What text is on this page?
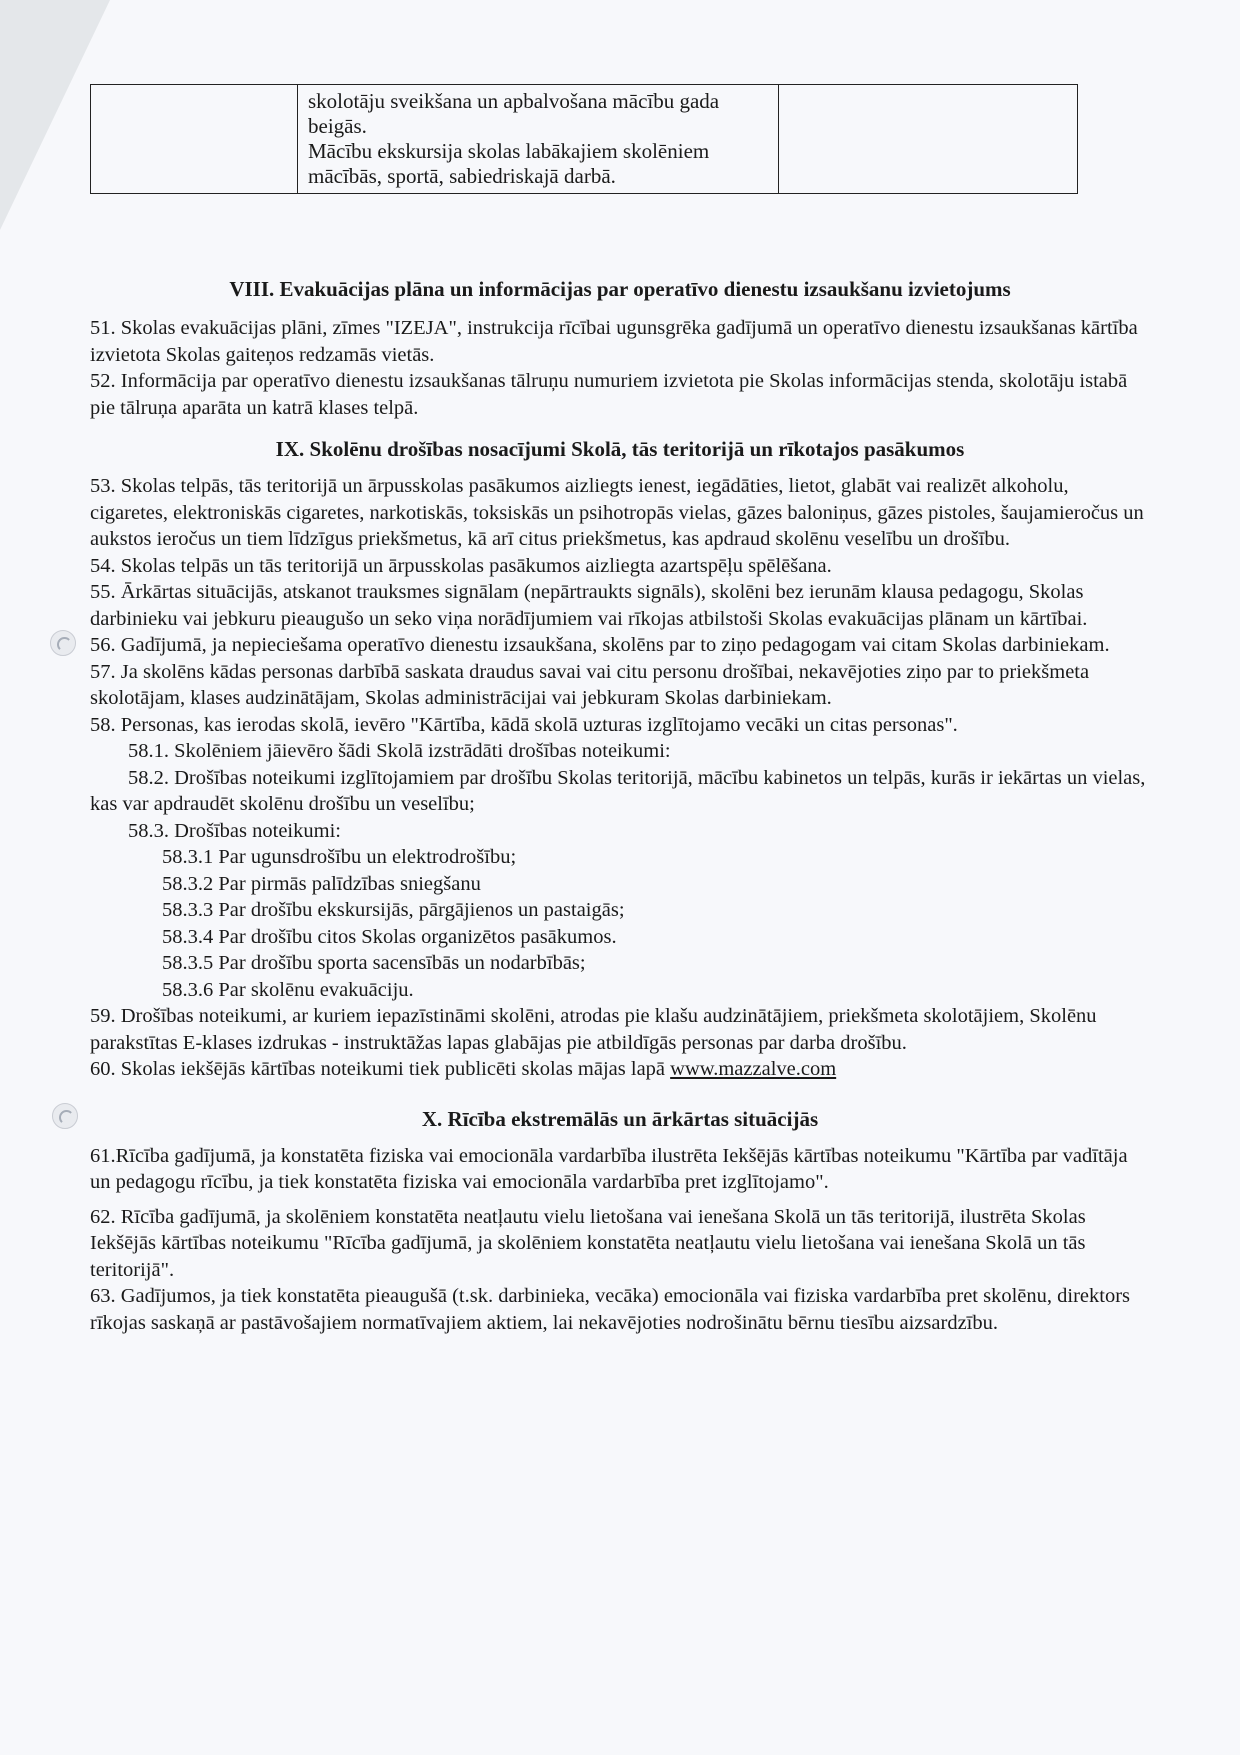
skolotāju sveikšana un apbalvošana mācību gada beigās.
Mācību ekskursija skolas labākajiem skolēniem mācībās, sportā, sabiedriskajā darbā.

VIII. Evakuācijas plāna un informācijas par operatīvo dienestu izsaukšanu izvietojums

51. Skolas evakuācijas plāni, zīmes "IZEJA", instrukcija rīcībai ugunsgrēka gadījumā un operatīvo dienestu izsaukšanas kārtība izvietota Skolas gaiteņos redzamās vietās.

52. Informācija par operatīvo dienestu izsaukšanas tālruņu numuriem izvietota pie Skolas informācijas stenda, skolotāju istabā pie tālruņa aparāta un katrā klases telpā.

IX. Skolēnu drošības nosacījumi Skolā, tās teritorijā un rīkotajos pasākumos

53. Skolas telpās, tās teritorijā un ārpusskolas pasākumos aizliegts ienest, iegādāties, lietot, glabāt vai realizēt alkoholu, cigaretes, elektroniskās cigaretes, narkotiskās, toksiskās un psihotropās vielas, gāzes baloniņus, gāzes pistoles, šaujamieročus un aukstos ieročus un tiem līdzīgus priekšmetus, kā arī citus priekšmetus, kas apdraud skolēnu veselību un drošību.

54. Skolas telpās un tās teritorijā un ārpusskolas pasākumos aizliegta azartspēļu spēlēšana.

55. Ārkārtas situācijās, atskanot trauksmes signālam (nepārtraukts signāls), skolēni bez ierunām klausa pedagogu, Skolas darbinieku vai jebkuru pieaugušo un seko viņa norādījumiem vai rīkojas atbilstoši Skolas evakuācijas plānam un kārtībai.

56. Gadījumā, ja nepieciešama operatīvo dienestu izsaukšana, skolēns par to ziņo pedagogam vai citam Skolas darbiniekam.

57. Ja skolēns kādas personas darbībā saskata draudus savai vai citu personu drošībai, nekavējoties ziņo par to priekšmeta skolotājam, klases audzinātājam, Skolas administrācijai vai jebkuram Skolas darbiniekam.

58. Personas, kas ierodas skolā, ievēro "Kārtība, kādā skolā uzturas izglītojamo vecāki un citas personas".

58.1. Skolēniem jāievēro šādi Skolā izstrādāti drošības noteikumi:

58.2. Drošības noteikumi izglītojamiem par drošību Skolas teritorijā, mācību kabinetos un telpās, kurās ir iekārtas un vielas, kas var apdraudēt skolēnu drošību un veselību;

58.3. Drošības noteikumi:

58.3.1 Par ugunsdrošību un elektrodrošību;

58.3.2 Par pirmās palīdzības sniegšanu

58.3.3 Par drošību ekskursijās, pārgājienos un pastaigās;

58.3.4 Par drošību citos Skolas organizētos pasākumos.

58.3.5 Par drošību sporta sacensībās un nodarbībās;

58.3.6 Par skolēnu evakuāciju.

59. Drošības noteikumi, ar kuriem iepazīstināmi skolēni, atrodas pie klašu audzinātājiem, priekšmeta skolotājiem, Skolēnu parakstītas E-klases izdrukas - instruktāžas lapas glabājas pie atbildīgās personas par darba drošību.

60. Skolas iekšējās kārtības noteikumi tiek publicēti skolas mājas lapā www.mazzalve.com

X. Rīcība ekstremālās un ārkārtas situācijās

61.Rīcība gadījumā, ja konstatēta fiziska vai emocionāla vardarbība ilustrēta Iekšējās kārtības noteikumu "Kārtība par vadītāja un pedagogu rīcību, ja tiek konstatēta fiziska vai emocionāla vardarbība pret izglītojamo".

62. Rīcība gadījumā, ja skolēniem konstatēta neatļautu vielu lietošana vai ienešana Skolā un tās teritorijā, ilustrēta Skolas Iekšējās kārtības noteikumu "Rīcība gadījumā, ja skolēniem konstatēta neatļautu vielu lietošana vai ienešana Skolā un tās teritorijā".

63. Gadījumos, ja tiek konstatēta pieaugušā (t.sk. darbinieka, vecāka) emocionāla vai fiziska vardarbība pret skolēnu, direktors rīkojas saskaņā ar pastāvošajiem normatīvajiem aktiem, lai nekavējoties nodrošinātu bērnu tiesību aizsardzību.
